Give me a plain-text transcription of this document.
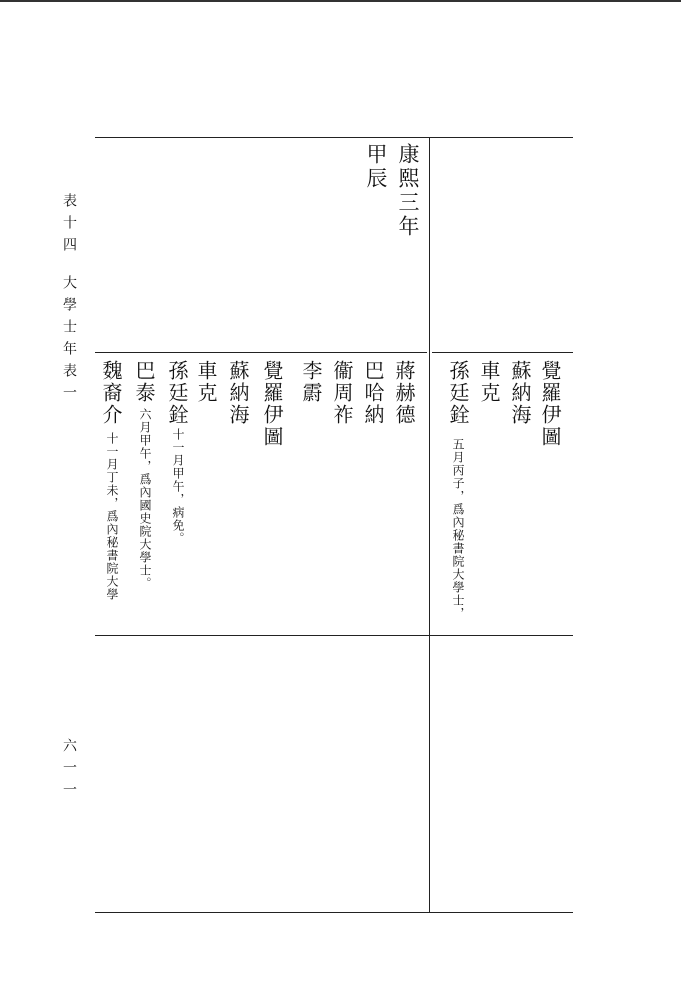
表十四
大學士年表一
六一一
康熙三年
甲辰
覺羅伊圖
蘇納海
車克
孫廷銓
五月丙子，爲內秘書院大學士，
蔣赫德
巴哈納
衞周祚
李霨
覺羅伊圖
蘇納海
車克
孫廷銓
十一月甲午，病免。
巴泰
六月甲午，爲內國史院大學士。
魏裔介
十一月丁未，爲內秘書院大學
